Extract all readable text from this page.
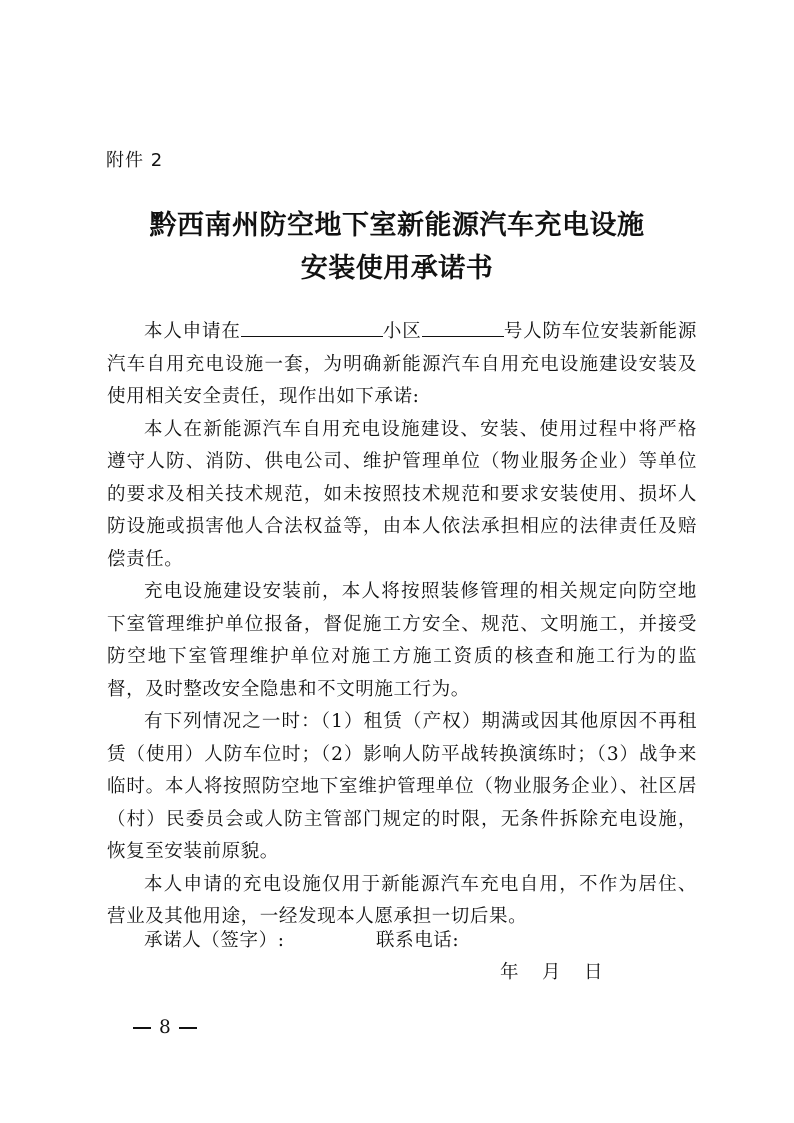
附件 2
黔西南州防空地下室新能源汽车充电设施
安装使用承诺书

本人申请在	小区	号人防车位安装新能源汽车自用充电设施一套，为明确新能源汽车自用充电设施建设安装及使用相关安全责任，现作出如下承诺:

本人在新能源汽车自用充电设施建设、安装、使用过程中将严格遵守人防、消防、供电公司、维护管理单位（物业服务企业）等单位的要求及相关技术规范，如未按照技术规范和要求安装使用、损坏人防设施或损害他人合法权益等，由本人依法承担相应的法律责任及赔偿责任。

充电设施建设安装前，本人将按照装修管理的相关规定向防空地下室管理维护单位报备，督促施工方安全、规范、文明施工，并接受防空地下室管理维护单位对施工方施工资质的核查和施工行为的监督，及时整改安全隐患和不文明施工行为。

有下列情况之一时：（1）租赁（产权）期满或因其他原因不再租赁（使用）人防车位时；（2）影响人防平战转换演练时；（3）战争来临时。本人将按照防空地下室维护管理单位（物业服务企业）、社区居（村）民委员会或人防主管部门规定的时限，无条件拆除充电设施，恢复至安装前原貌。

本人申请的充电设施仅用于新能源汽车充电自用，不作为居住、营业及其他用途，一经发现本人愿承担一切后果。

承诺人（签字）:	联系电话:
年    月    日
8
